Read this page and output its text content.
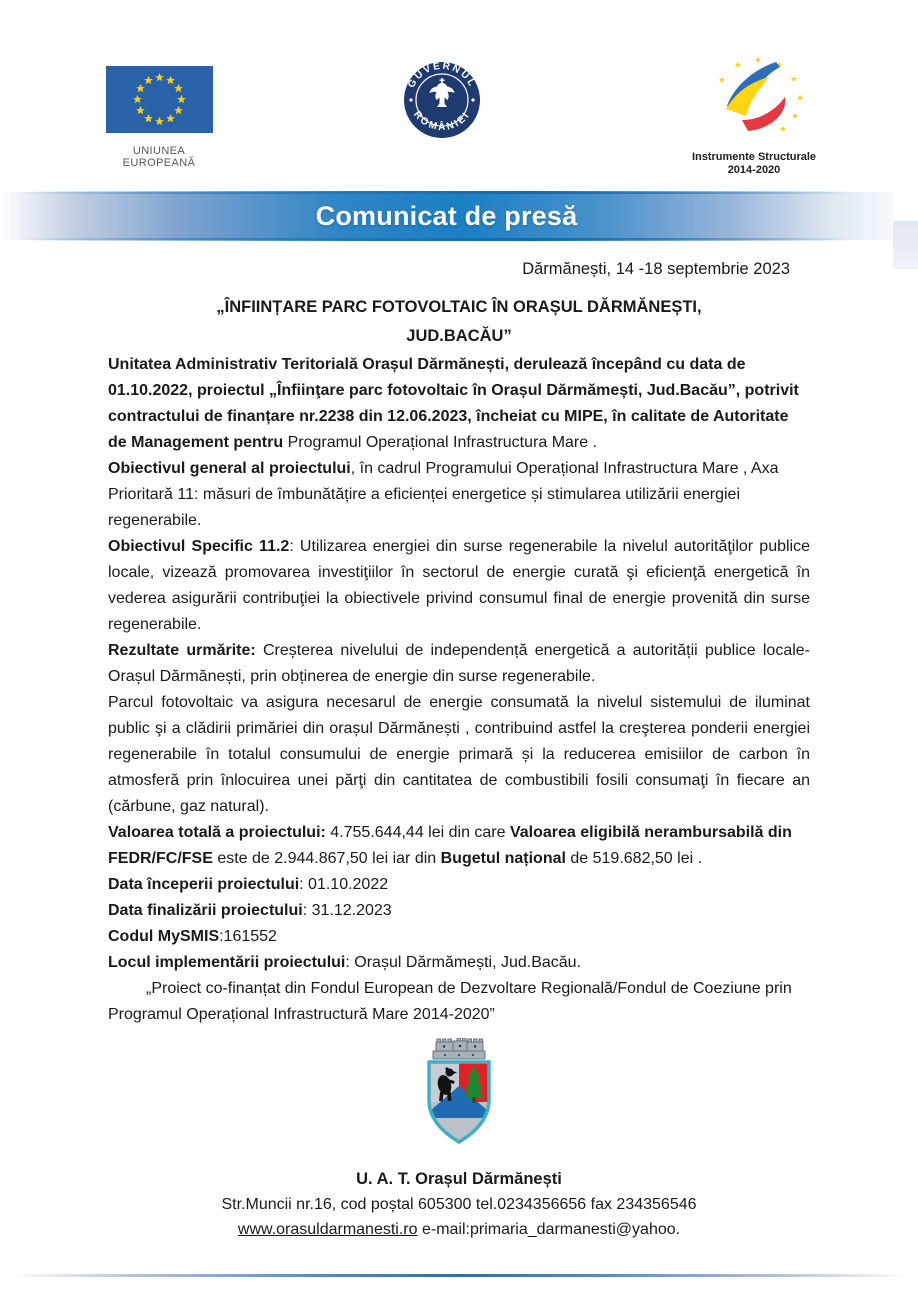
UNIUNEA EUROPEANĂ
GUVERNUL
ROMÂNIEI
Instrumente Structurale
2014-2020
Comunicat de presă
Dărmănești, 14 -18 septembrie 2023
„ÎNFIINȚARE PARC FOTOVOLTAIC ÎN ORAȘUL DĂRMĂNEȘTI,
JUD.BACĂU”

Unitatea Administrativ Teritorială Orașul Dărmănești, derulează începând cu data de 01.10.2022, proiectul „Înfiinţare parc fotovoltaic în Orașul Dărmămești, Jud.Bacău”, potrivit contractului de finanțare nr.2238 din 12.06.2023, încheiat cu MIPE, în calitate de Autoritate de Management pentru Programul Operațional Infrastructura Mare .

Obiectivul general al proiectului, în cadrul Programului Operațional Infrastructura Mare , Axa Prioritară 11: măsuri de îmbunătățire a eficienței energetice și stimularea utilizării energiei regenerabile.

Obiectivul Specific 11.2: Utilizarea energiei din surse regenerabile la nivelul autorităţilor publice locale, vizează promovarea investiţiilor în sectorul de energie curată şi eficienţă energetică în vederea asigurării contribuţiei la obiectivele privind consumul final de energie provenită din surse regenerabile.

Rezultate urmărite: Creșterea nivelului de independență energetică a autorității publice locale-Orașul Dărmănești, prin obținerea de energie din surse regenerabile.

Parcul fotovoltaic va asigura necesarul de energie consumată la nivelul sistemului de iluminat public şi a clădirii primăriei din orașul Dărmănești , contribuind astfel la creşterea ponderii energiei regenerabile în totalul consumului de energie primară și la reducerea emisiilor de carbon în atmosferă prin înlocuirea unei părţi din cantitatea de combustibili fosili consumaţi în fiecare an (cărbune, gaz natural).

Valoarea totală a proiectului: 4.755.644,44 lei din care Valoarea eligibilă nerambursabilă din FEDR/FC/FSE este de 2.944.867,50 lei iar din Bugetul național de 519.682,50 lei .

Data începerii proiectului: 01.10.2022

Data finalizării proiectului: 31.12.2023

Codul MySMIS:161552

Locul implementării proiectului: Orașul Dărmămești, Jud.Bacău.

„Proiect co-finanțat din Fondul European de Dezvoltare Regională/Fondul de Coeziune prin Programul Operațional Infrastructură Mare 2014-2020”

U. A. T. Orașul Dărmănești
Str.Muncii nr.16, cod poștal 605300 tel.0234356656 fax 234356546
www.orasuldarmanesti.ro e-mail:primaria_darmanesti@yahoo.
